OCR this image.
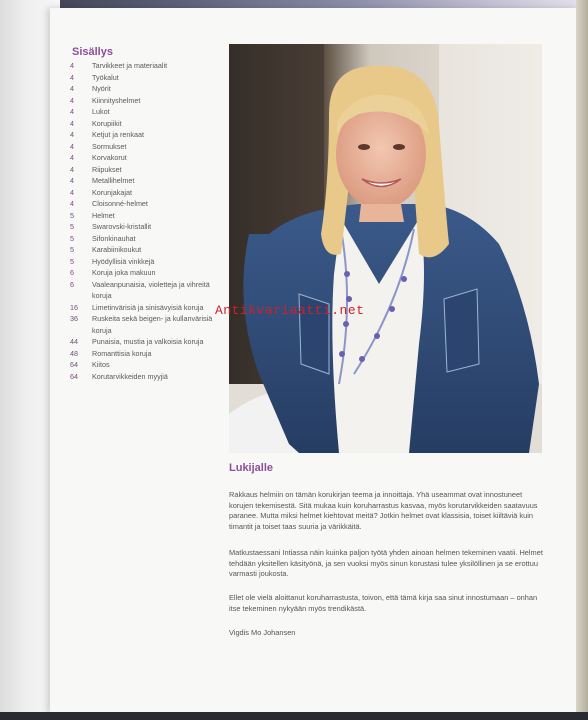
Sisällys
4	Tarvikkeet ja materiaalit
4	Työkalut
4	Nyörit
4	Kiinnityshelmet
4	Lukot
4	Korupiikit
4	Ketjut ja renkaat
4	Sormukset
4	Korvakorut
4	Riipukset
4	Metallihelmet
4	Korunjakajat
4	Cloisonné-helmet
5	Helmet
5	Swarovski-kristallit
5	Sifonkinauhat
5	Karabiinikoukut
5	Hyödyllisiä vinkkejä
6	Koruja joka makuun
6	Vaaleanpunaisia, violetteja ja vihreitä koruja
16	Limetinvärisiä ja sinisävyisiä koruja
36	Ruskeita sekä beigen- ja kullanvärisiä koruja
44	Punaisia, mustia ja valkoisia koruja
48	Romanttisia koruja
64	Kiitos
64	Korutarvikkeiden myyjiä
Antikvariaatti.net
Lukijalle
Rakkaus helmiin on tämän korukirjan teema ja innoittaja. Yhä useammat ovat innostuneet korujen tekemisestä. Sitä mukaa kuin koruharrastus kasvaa, myös korutarvikkeiden saatavuus paranee. Mutta miksi helmet kiehtovat meitä? Jotkin helmet ovat klassisia, toiset kiiltäviä kuin timantit ja toiset taas suuria ja värikkäitä.
Matkustaessani Intiassa näin kuinka paljon työtä yhden ainoan helmen tekeminen vaatii. Helmet tehdään yksitellen käsityönä, ja sen vuoksi myös sinun korustasi tulee yksilöllinen ja se erottuu varmasti joukosta.
Ellet ole vielä aloittanut koruharrastusta, toivon, että tämä kirja saa sinut innostumaan – onhan itse tekeminen nykyään myös trendikästä.
Vigdis Mo Johansen
